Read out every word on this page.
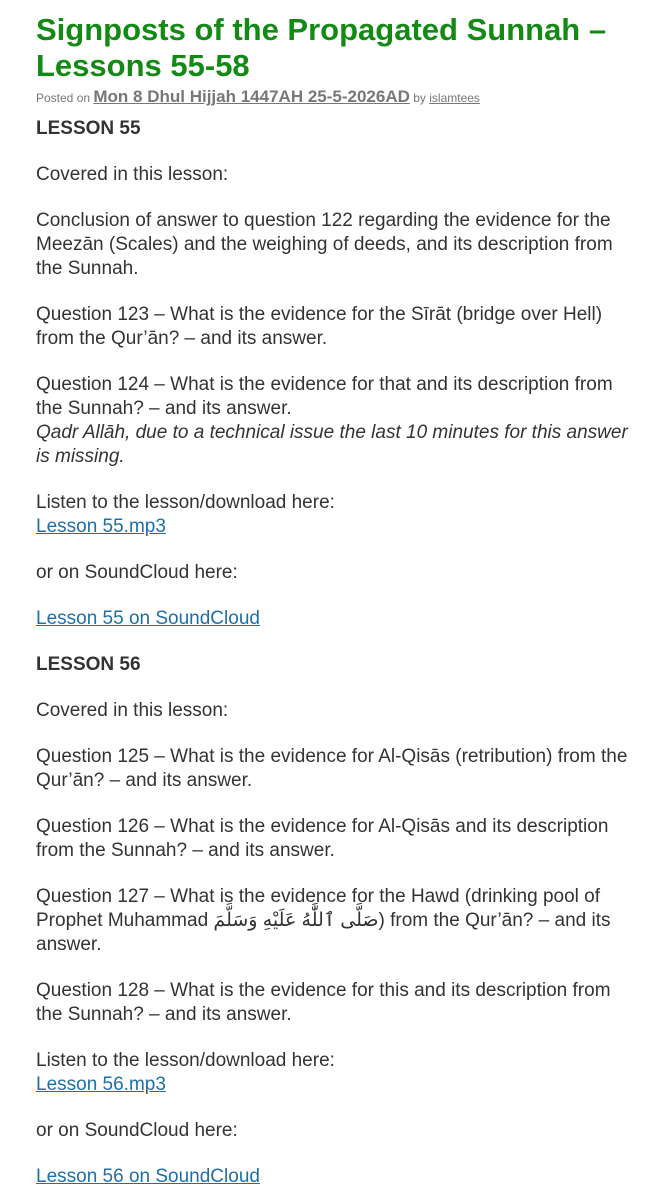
Signposts of the Propagated Sunnah – Lessons 55-58
Posted on Mon 8 Dhul Hijjah 1447AH 25-5-2026AD by islamtees

LESSON 55

Covered in this lesson:

Conclusion of answer to question 122 regarding the evidence for the Meezān (Scales) and the weighing of deeds, and its description from the Sunnah.

Question 123 – What is the evidence for the Sīrāt (bridge over Hell) from the Qur’ān? – and its answer.

Question 124 – What is the evidence for that and its description from the Sunnah? – and its answer.

Qadr Allāh, due to a technical issue the last 10 minutes for this answer is missing.

Listen to the lesson/download here:

Lesson 55.mp3

or on SoundCloud here:

Lesson 55 on SoundCloud

LESSON 56

Covered in this lesson:

Question 125 – What is the evidence for Al-Qisās (retribution) from the Qur’ān? – and its answer.

Question 126 – What is the evidence for Al-Qisās and its description from the Sunnah? – and its answer.

Question 127 – What is the evidence for the Hawd (drinking pool of Prophet Muhammad صَلَّى ٱللَّٰهُ عَلَيْهِ وَسَلَّمَ) from the Qur’ān? – and its answer.

Question 128 – What is the evidence for this and its description from the Sunnah? – and its answer.

Listen to the lesson/download here:

Lesson 56.mp3

or on SoundCloud here:

Lesson 56 on SoundCloud
